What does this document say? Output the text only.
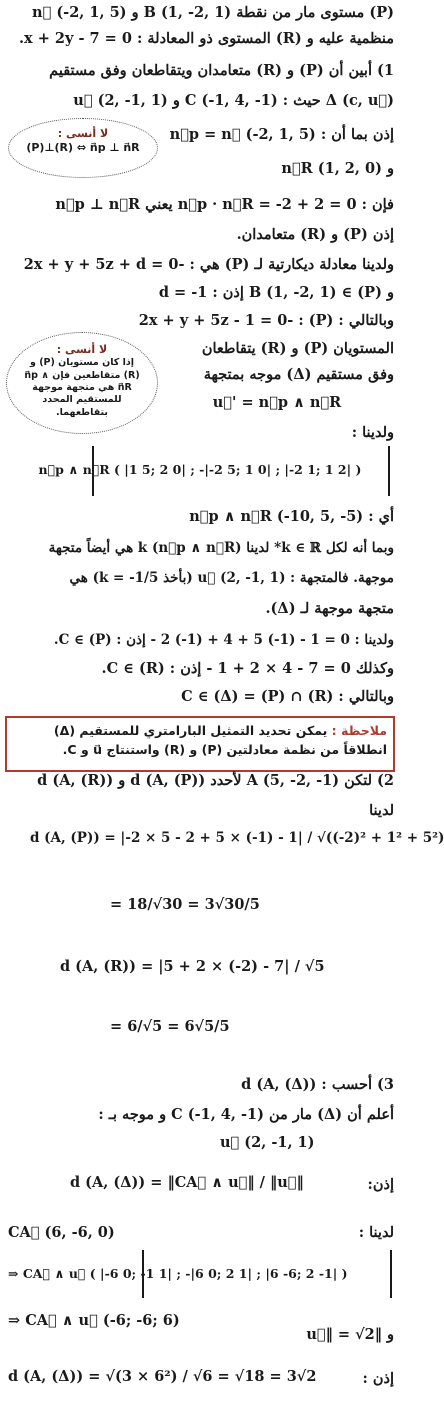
(P) مستوى مار من نقطة B (1, -2, 1) و n⃗ (-2, 1, 5)
منظمية عليه و (R) المستوى ذو المعادلة : x + 2y - 7 = 0.
1) أبين أن (P) و (R) متعامدان ويتقاطعان وفق مستقيم
Δ (c, u⃗) حيث : C (-1, 4, -1) و u⃗ (2, -1, 1)
إذن بما أن : n⃗p = n⃗ (-2, 1, 5)
و n⃗R (1, 2, 0)
لا أنسى :
(P)⊥(R) ⇔ n⃗p ⊥ n⃗R
فإن : n⃗p · n⃗R = -2 + 2 = 0 يعني n⃗p ⊥ n⃗R
إذن (P) و (R) متعامدان.
ولدينا معادلة ديكارتية لـ (P) هي : -2x + y + 5z + d = 0
و B (1, -2, 1) ∈ (P) إذن : d = -1
وبالتالي : (P) : -2x + y + 5z - 1 = 0
المستويان (P) و (R) يتقاطعان
وفق مستقيم (Δ) موجه بمتجهة
u⃗' = n⃗p ∧ n⃗R
لا أنسى :
إذا كان مستويان (P) و (R) متقاطعين فإن n⃗p ∧ n⃗R هي متجهة موجهة للمستقيم المحدد بتقاطعهما.
ولدينا :
n⃗p ∧ n⃗R ( |1 5; 2 0| ; -|-2 5; 1 0| ; |-2 1; 1 2| )
أي : n⃗p ∧ n⃗R (-10, 5, -5)
وبما أنه لكل k ∈ ℝ* لدينا k (n⃗p ∧ n⃗R) هي أيضاً متجهة
موجهة. فالمتجهة : u⃗ (2, -1, 1) (بأخذ k = -1/5) هي
متجهة موجهة لـ (Δ).
ولدينا : 0 = 1 - (1-) 5 + 4 + (1-) 2 - إذن : C ∈ (P).
وكذلك 0 = 7 - 4 × 2 + 1 - إذن : C ∈ (R).
وبالتالي : C ∈ (Δ) = (P) ∩ (R)
ملاحظة : يمكن تحديد التمثيل البارامتري للمستقيم (Δ) انطلاقاً من نظمة معادلتين (P) و (R) واستنتاج u⃗ و C.
2) لتكن A (5, -2, -1) لأحدد d (A, (P)) و d (A, (R))
لدينا
d (A, (P)) = |-2 × 5 - 2 + 5 × (-1) - 1| / √((-2)² + 1² + 5²)
= 18/√30 = 3√30/5
d (A, (R)) = |5 + 2 × (-2) - 7| / √5
= 6/√5 = 6√5/5
3) أحسب : d (A, (Δ))
أعلم أن (Δ) مار من C (-1, 4, -1) و موجه بـ :
u⃗ (2, -1, 1)
إذن:
d (A, (Δ)) = ‖CA⃗ ∧ u⃗‖ / ‖u⃗‖
لدينا :
CA⃗ (6, -6, 0)
⇒ CA⃗ ∧ u⃗ ( |-6 0; -1 1| ; -|6 0; 2 1| ; |6 -6; 2 -1| )
⇒ CA⃗ ∧ u⃗ (-6; -6; 6)
و ‖u⃗‖ = √2
إذن :
d (A, (Δ)) = √(3 × 6²) / √6 = √18 = 3√2
